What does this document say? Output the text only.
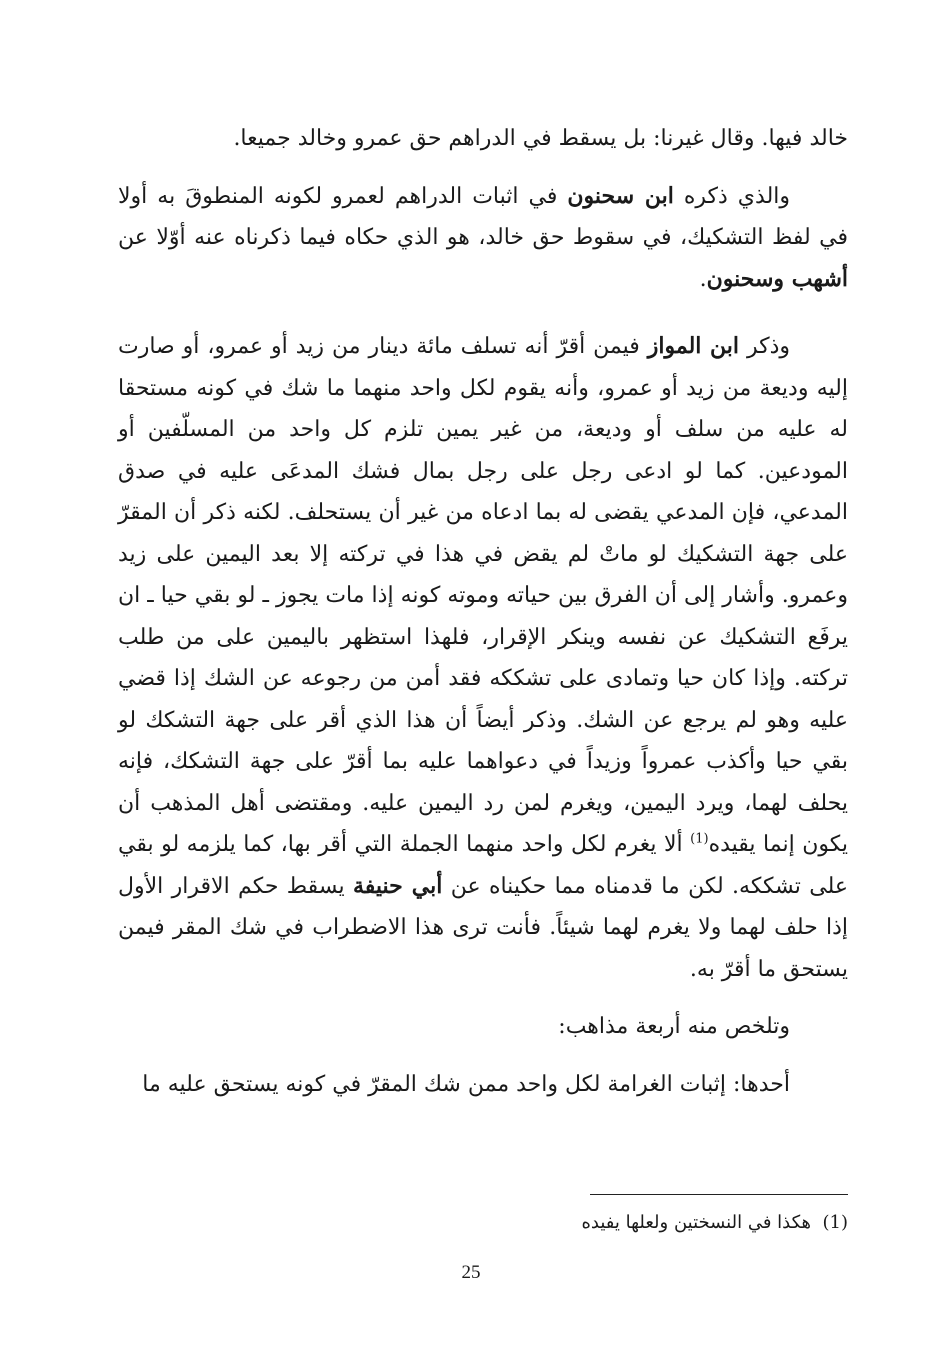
خالد فيها. وقال غيرنا: بل يسقط في الدراهم حق عمرو وخالد جميعا.

والذي ذكره ابن سحنون في اثبات الدراهم لعمرو لكونه المنطوقَ به أولا في لفظ التشكيك، في سقوط حق خالد، هو الذي حكاه فيما ذكرناه عنه أوّلا عن أشهب وسحنون.

وذكر ابن المواز فيمن أقرّ أنه تسلف مائة دينار من زيد أو عمرو، أو صارت إليه وديعة من زيد أو عمرو، وأنه يقوم لكل واحد منهما ما شك في كونه مستحقا له عليه من سلف أو وديعة، من غير يمين تلزم كل واحد من المسلّفين أو المودعين. كما لو ادعى رجل على رجل بمال فشك المدعَى عليه في صدق المدعي، فإن المدعي يقضى له بما ادعاه من غير أن يستحلف. لكنه ذكر أن المقرّ على جهة التشكيك لو ماتْ لم يقض في هذا في تركته إلا بعد اليمين على زيد وعمرو. وأشار إلى أن الفرق بين حياته وموته كونه إذا مات يجوز ـ لو بقي حيا ـ ان يرفَع التشكيك عن نفسه وينكر الإقرار، فلهذا استظهر باليمين على من طلب تركته. وإذا كان حيا وتمادى على تشككه فقد أمن من رجوعه عن الشك إذا قضي عليه وهو لم يرجع عن الشك. وذكر أيضاً أن هذا الذي أقر على جهة التشكك لو بقي حيا وأكذب عمرواً وزيداً في دعواهما عليه بما أقرّ على جهة التشكك، فإنه يحلف لهما، ويرد اليمين، ويغرم لمن رد اليمين عليه. ومقتضى أهل المذهب أن يكون إنما يقيده$^{(1)}$ ألا يغرم لكل واحد منهما الجملة التي أقر بها، كما يلزمه لو بقي على تشككه. لكن ما قدمناه مما حكيناه عن أبي حنيفة يسقط حكم الاقرار الأول إذا حلف لهما ولا يغرم لهما شيئاً. فأنت ترى هذا الاضطراب في شك المقر فيمن يستحق ما أقرّ به.

وتلخص منه أربعة مذاهب:

أحدها: إثبات الغرامة لكل واحد ممن شك المقرّ في كونه يستحق عليه ما

(1)  هكذا في النسختين ولعلها يفيده
25
